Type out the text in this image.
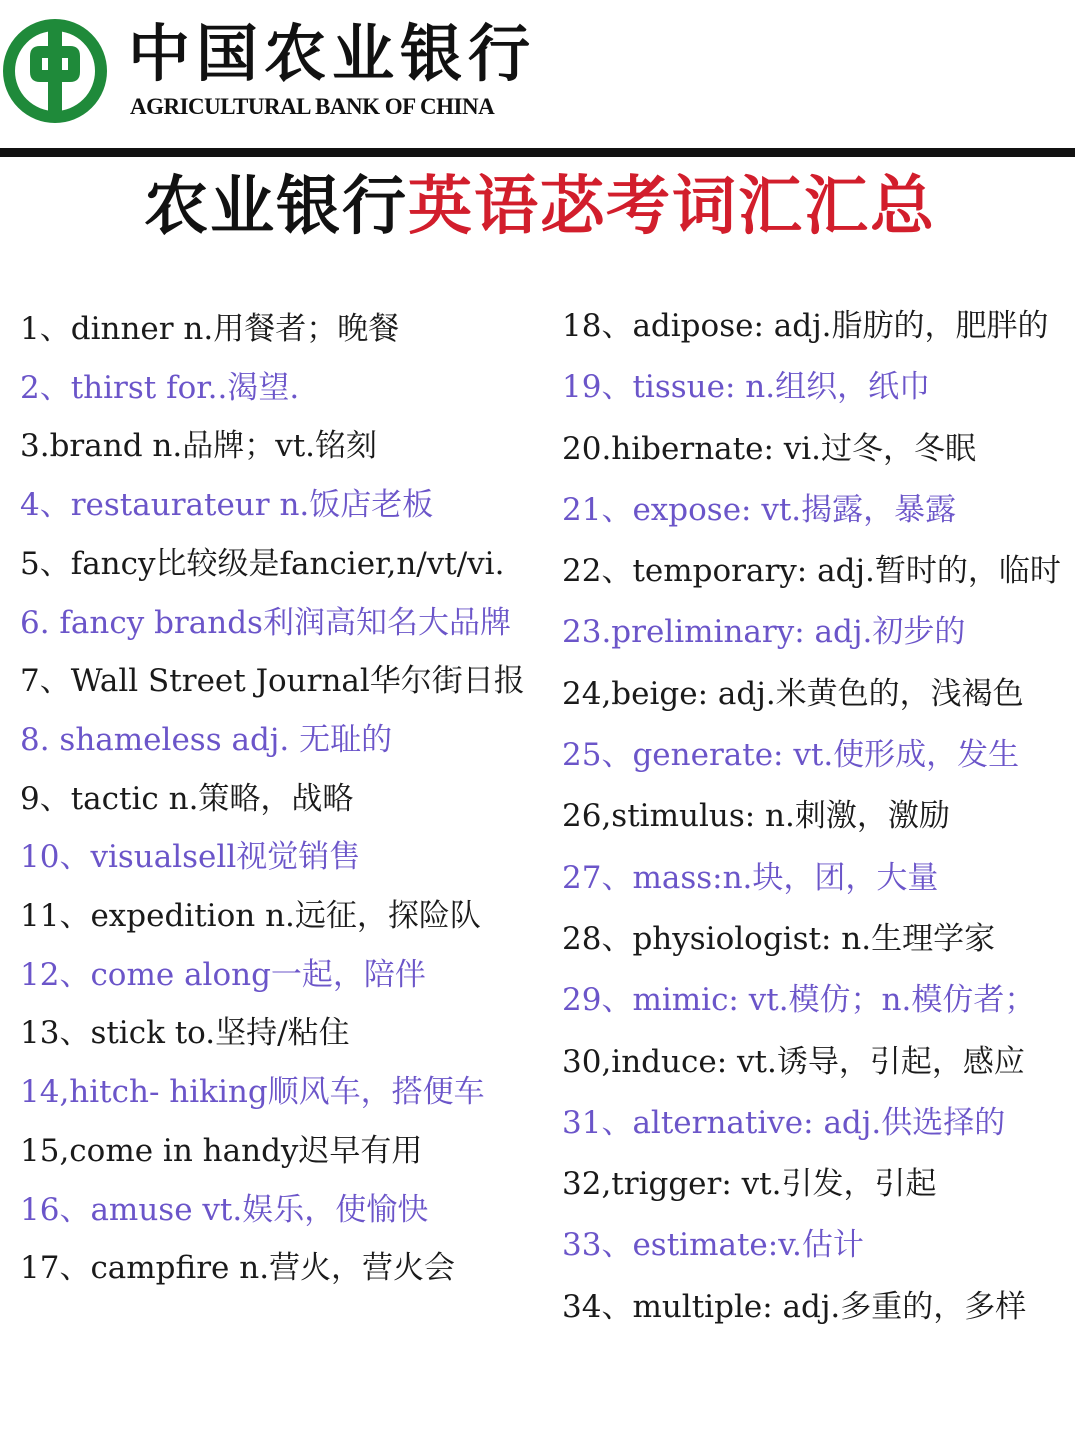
中国农业银行
AGRICULTURAL BANK OF CHINA
农业银行英语苾考词汇汇总

1、dinner n.用餐者；晚餐

2、thirst for..渴望.

3.brand n.品牌；vt.铭刻

4、restaurateur n.饭店老板

5、fancy比较级是fancier,n/vt/vi.

6. fancy brands利润高知名大品牌

7、Wall Street Journal华尔街日报

8. shameless adj. 无耻的

9、tactic n.策略，战略

10、visualsell视觉销售

11、expedition n.远征，探险队

12、come along一起，陪伴

13、stick to.坚持/粘住

14,hitch- hiking顺风车，搭便车

15,come in handy迟早有用

16、amuse vt.娱乐，使愉快

17、campfire n.营火，营火会

18、adipose: adj.脂肪的，肥胖的

19、tissue: n.组织，纸巾

20.hibernate: vi.过冬，冬眠

21、expose: vt.揭露，暴露

22、temporary: adj.暂时的，临时

23.preliminary: adj.初步的

24,beige: adj.米黄色的，浅褐色

25、generate: vt.使形成，发生

26,stimulus: n.刺激，激励

27、mass:n.块，团，大量

28、physiologist: n.生理学家

29、mimic: vt.模仿；n.模仿者；

30,induce: vt.诱导，引起，感应

31、alternative: adj.供选择的

32,trigger: vt.引发，引起

33、estimate:v.估计

34、multiple: adj.多重的，多样
